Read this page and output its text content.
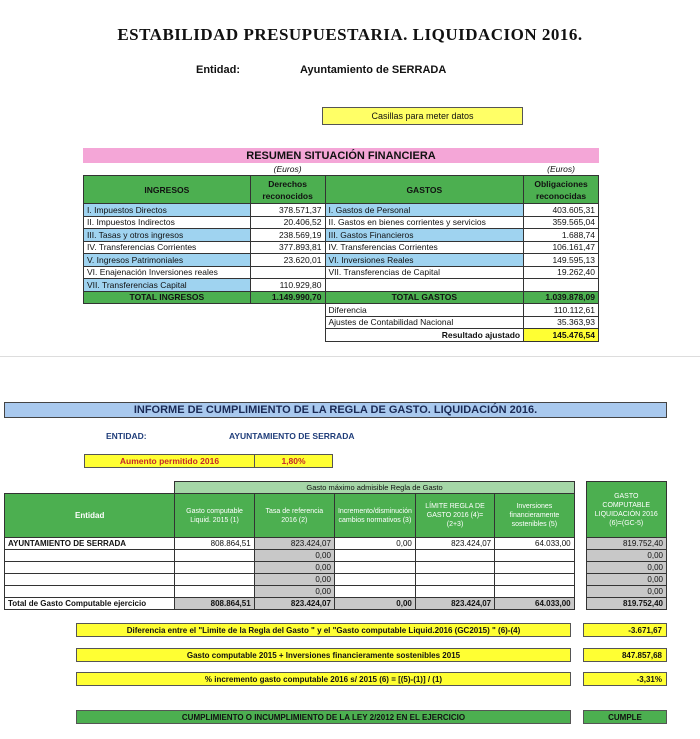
ESTABILIDAD PRESUPUESTARIA. LIQUIDACION 2016.
Entidad:	Ayuntamiento de SERRADA
Casillas para meter datos
RESUMEN SITUACIÓN FINANCIERA
	(Euros)		(Euros)
INGRESOS	Derechos reconocidos	GASTOS	Obligaciones reconocidas
I. Impuestos Directos	378.571,37	I. Gastos de Personal	403.605,31
II. Impuestos Indirectos	20.406,52	II. Gastos en bienes corrientes y servicios	359.565,04
III. Tasas y otros ingresos	238.569,19	III. Gastos Financieros	1.688,74
IV. Transferencias Corrientes	377.893,81	IV. Transferencias Corrientes	106.161,47
V. Ingresos Patrimoniales	23.620,01	VI. Inversiones Reales	149.595,13
VI. Enajenación Inversiones reales		VII. Transferencias de Capital	19.262,40
VII. Transferencias Capital	110.929,80		
TOTAL INGRESOS	1.149.990,70	TOTAL GASTOS	1.039.878,09
		Diferencia	110.112,61
		Ajustes de Contabilidad Nacional	35.363,93
		Resultado ajustado	145.476,54
INFORME DE CUMPLIMIENTO DE LA REGLA DE GASTO. LIQUIDACIÓN 2016.
ENTIDAD:	AYUNTAMIENTO DE SERRADA
Aumento permitido 2016	1,80%
	Gasto máximo admisible Regla de Gasto						GASTO COMPUTABLE LIQUIDACIÓN 2016 (6)=(GC-5)
Entidad	Gasto computable Liquid. 2015 (1)	Tasa de referencia 2016 (2)	Incremento/disminución cambios normativos (3)	LÍMITE REGLA DE GASTO 2016 (4)=(2+3)	Inversiones financieramente sostenibles (5)		
AYUNTAMIENTO DE SERRADA	808.864,51	823.424,07	0,00	823.424,07	64.033,00		819.752,40
		0,00					0,00
		0,00					0,00
		0,00					0,00
		0,00					0,00
Total de Gasto Computable ejercicio	808.864,51	823.424,07	0,00	823.424,07	64.033,00		819.752,40
Diferencia entre el "Limite de la Regla del Gasto " y el "Gasto computable Liquid.2016 (GC2015) " (6)-(4)	-3.671,67
Gasto computable 2015 + Inversiones financieramente sostenibles 2015	847.857,68
% incremento gasto computable 2016 s/ 2015 (6) = [(5)-(1)] / (1)	-3,31%
CUMPLIMIENTO O INCUMPLIMIENTO DE LA LEY 2/2012 EN EL EJERCICIO	CUMPLE
